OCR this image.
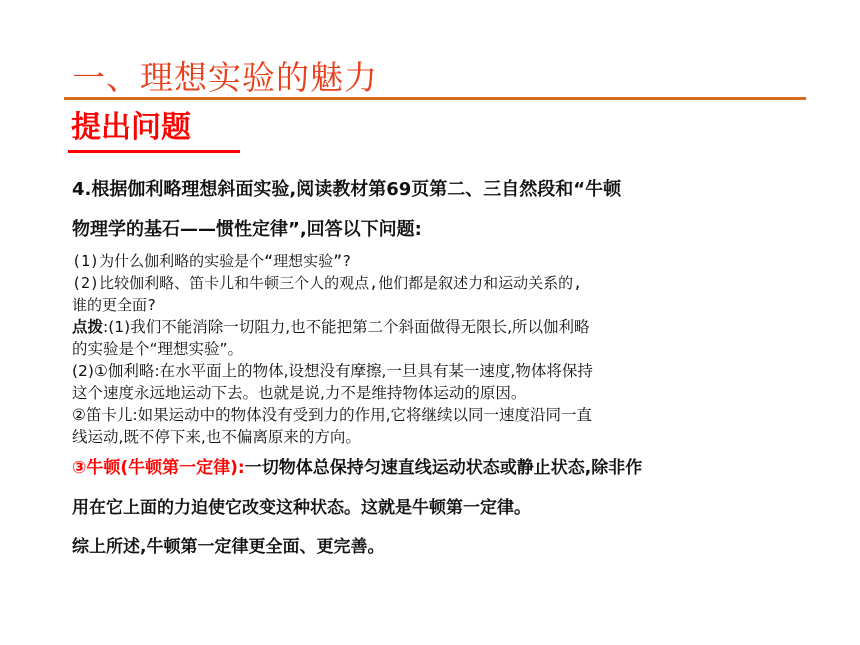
一、理想实验的魅力
提出问题
4.根据伽利略理想斜面实验,阅读教材第69页第二、三自然段和“牛顿
物理学的基石——惯性定律”,回答以下问题:
(1)为什么伽利略的实验是个“理想实验”?
(2)比较伽利略、笛卡儿和牛顿三个人的观点,他们都是叙述力和运动关系的,
谁的更全面?
点拨:(1)我们不能消除一切阻力,也不能把第二个斜面做得无限长,所以伽利略
的实验是个“理想实验”。
(2)①伽利略:在水平面上的物体,设想没有摩擦,一旦具有某一速度,物体将保持
这个速度永远地运动下去。也就是说,力不是维持物体运动的原因。
②笛卡儿:如果运动中的物体没有受到力的作用,它将继续以同一速度沿同一直
线运动,既不停下来,也不偏离原来的方向。
③牛顿(牛顿第一定律):一切物体总保持匀速直线运动状态或静止状态,除非作
用在它上面的力迫使它改变这种状态。这就是牛顿第一定律。
综上所述,牛顿第一定律更全面、更完善。
